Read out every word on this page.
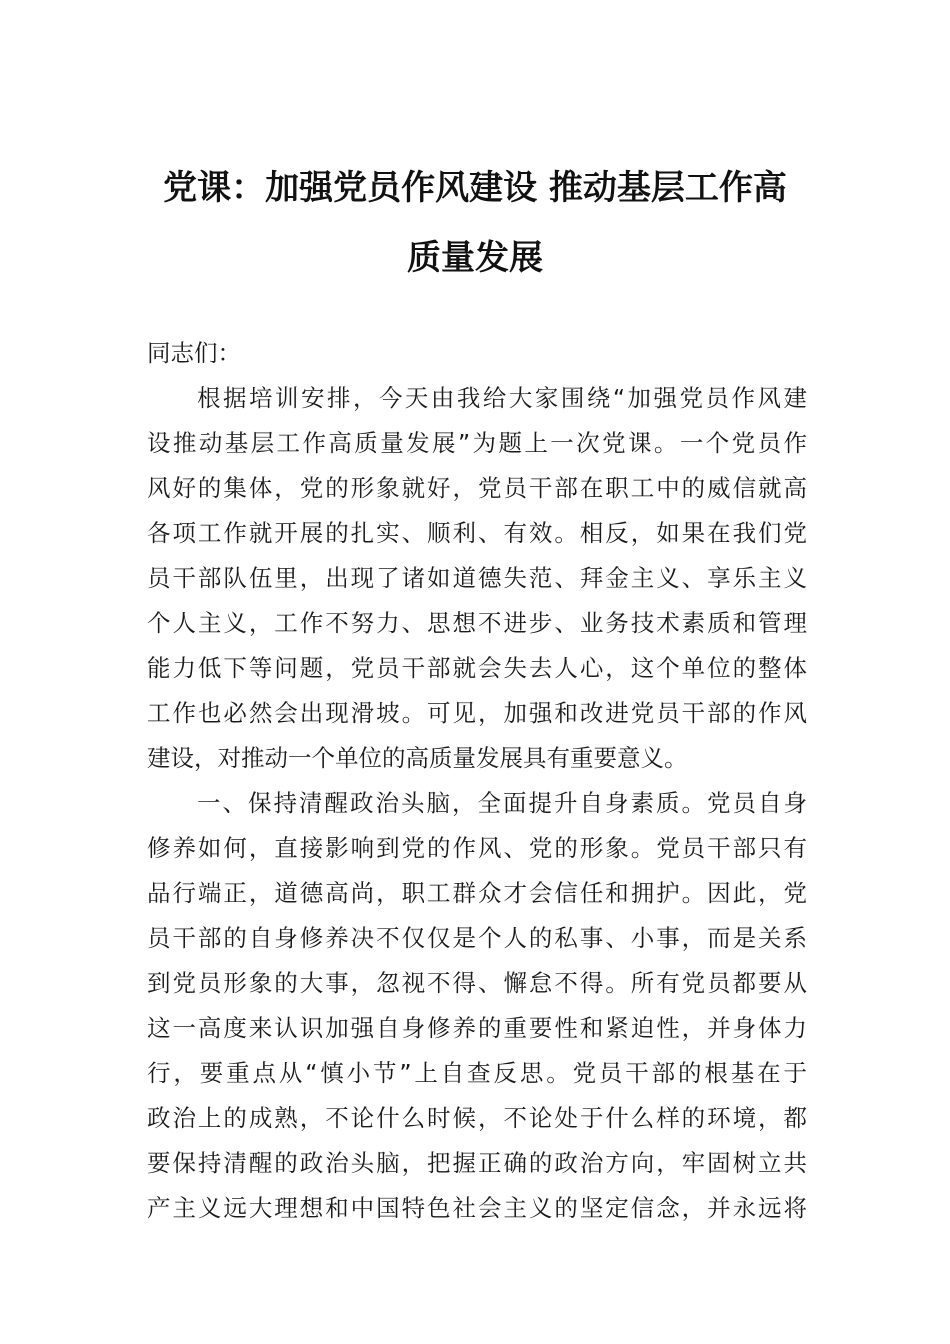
党课：加强党员作风建设 推动基层工作高
质量发展
同志们：
根据培训安排，今天由我给大家围绕“加强党员作风建
设推动基层工作高质量发展”为题上一次党课。一个党员作
风好的集体，党的形象就好，党员干部在职工中的威信就高
各项工作就开展的扎实、顺利、有效。相反，如果在我们党
员干部队伍里，出现了诸如道德失范、拜金主义、享乐主义
个人主义，工作不努力、思想不进步、业务技术素质和管理
能力低下等问题，党员干部就会失去人心，这个单位的整体
工作也必然会出现滑坡。可见，加强和改进党员干部的作风
建设，对推动一个单位的高质量发展具有重要意义。
一、保持清醒政治头脑，全面提升自身素质。党员自身
修养如何，直接影响到党的作风、党的形象。党员干部只有
品行端正，道德高尚，职工群众才会信任和拥护。因此，党
员干部的自身修养决不仅仅是个人的私事、小事，而是关系
到党员形象的大事，忽视不得、懈怠不得。所有党员都要从
这一高度来认识加强自身修养的重要性和紧迫性，并身体力
行，要重点从“慎小节”上自查反思。党员干部的根基在于
政治上的成熟，不论什么时候，不论处于什么样的环境，都
要保持清醒的政治头脑，把握正确的政治方向，牢固树立共
产主义远大理想和中国特色社会主义的坚定信念，并永远将
